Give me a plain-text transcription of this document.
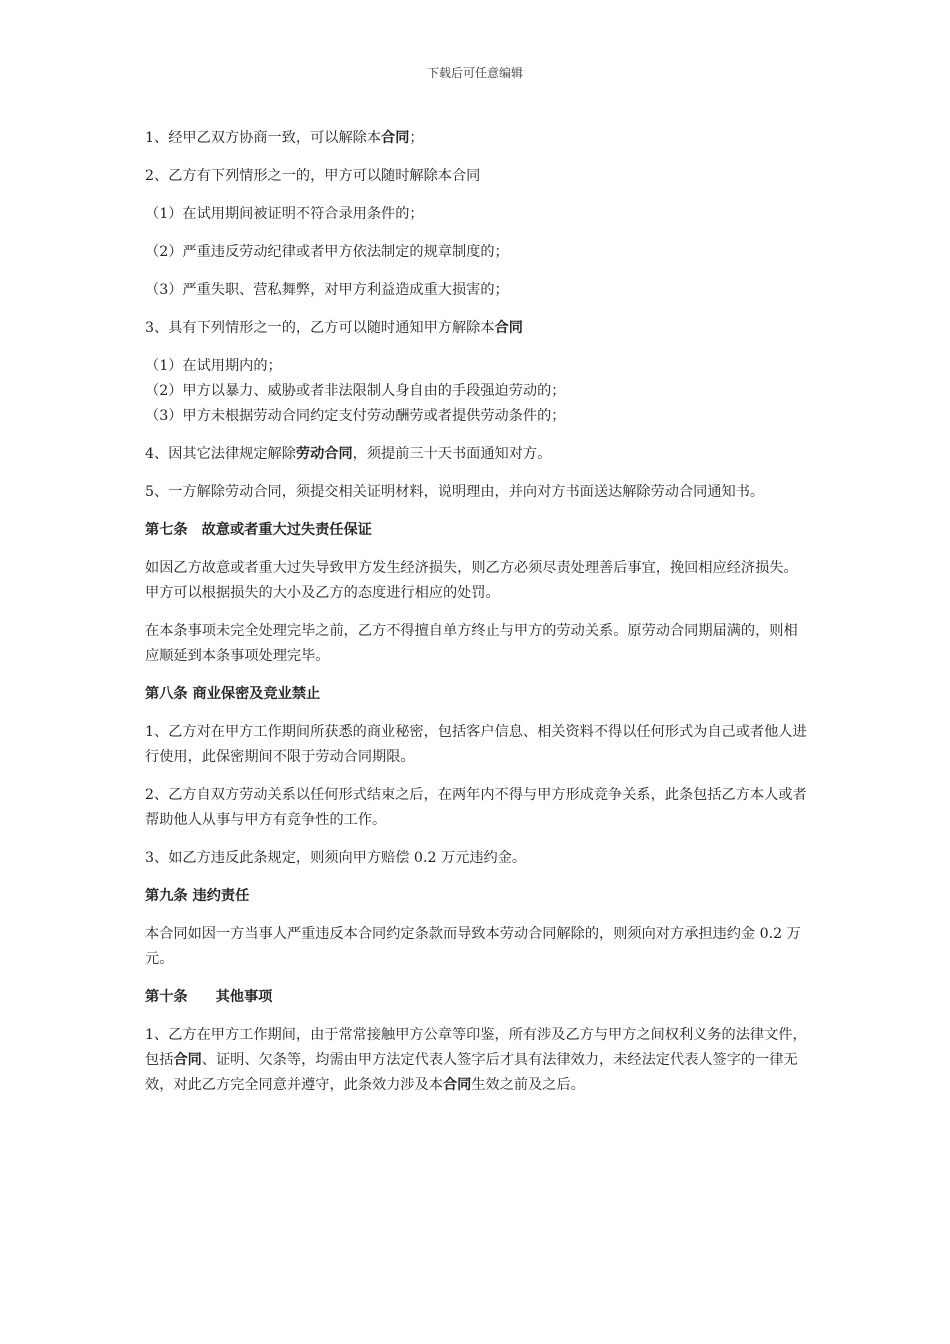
下载后可任意编辑

1、经甲乙双方协商一致，可以解除本合同；

2、乙方有下列情形之一的，甲方可以随时解除本合同

（1）在试用期间被证明不符合录用条件的；

（2）严重违反劳动纪律或者甲方依法制定的规章制度的；

（3）严重失职、营私舞弊，对甲方利益造成重大损害的；

3、具有下列情形之一的，乙方可以随时通知甲方解除本合同

（1）在试用期内的；

（2）甲方以暴力、威胁或者非法限制人身自由的手段强迫劳动的；

（3）甲方未根据劳动合同约定支付劳动酬劳或者提供劳动条件的；

4、因其它法律规定解除劳动合同，须提前三十天书面通知对方。

5、一方解除劳动合同，须提交相关证明材料，说明理由，并向对方书面送达解除劳动合同通知书。

第七条 故意或者重大过失责任保证

如因乙方故意或者重大过失导致甲方发生经济损失，则乙方必须尽责处理善后事宜，挽回相应经济损失。甲方可以根据损失的大小及乙方的态度进行相应的处罚。

在本条事项未完全处理完毕之前，乙方不得擅自单方终止与甲方的劳动关系。原劳动合同期届满的，则相应顺延到本条事项处理完毕。

第八条 商业保密及竞业禁止

1、乙方对在甲方工作期间所获悉的商业秘密，包括客户信息、相关资料不得以任何形式为自己或者他人进行使用，此保密期间不限于劳动合同期限。

2、乙方自双方劳动关系以任何形式结束之后，在两年内不得与甲方形成竞争关系，此条包括乙方本人或者帮助他人从事与甲方有竞争性的工作。

3、如乙方违反此条规定，则须向甲方赔偿 0.2 万元违约金。

第九条 违约责任

本合同如因一方当事人严重违反本合同约定条款而导致本劳动合同解除的，则须向对方承担违约金 0.2 万元。

第十条 其他事项

1、乙方在甲方工作期间，由于常常接触甲方公章等印鉴，所有涉及乙方与甲方之间权利义务的法律文件，包括合同、证明、欠条等，均需由甲方法定代表人签字后才具有法律效力，未经法定代表人签字的一律无效，对此乙方完全同意并遵守，此条效力涉及本合同生效之前及之后。
